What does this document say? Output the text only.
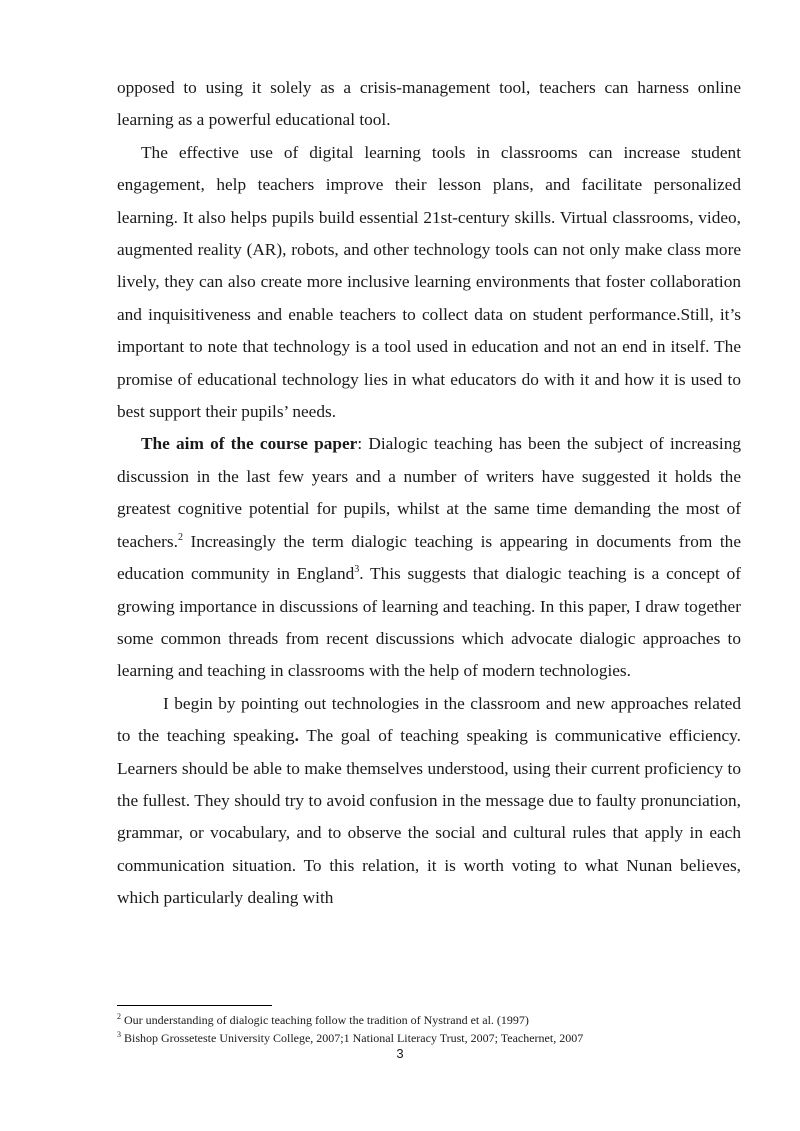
opposed to using it solely as a crisis-management tool, teachers can harness online learning as a powerful educational tool.

The effective use of digital learning tools in classrooms can increase student engagement, help teachers improve their lesson plans, and facilitate personalized learning. It also helps pupils build essential 21st-century skills. Virtual classrooms, video, augmented reality (AR), robots, and other technology tools can not only make class more lively, they can also create more inclusive learning environments that foster collaboration and inquisitiveness and enable teachers to collect data on student performance.Still, it’s important to note that technology is a tool used in education and not an end in itself. The promise of educational technology lies in what educators do with it and how it is used to best support their pupils’ needs.

The aim of the course paper: Dialogic teaching has been the subject of increasing discussion in the last few years and a number of writers have suggested it holds the greatest cognitive potential for pupils, whilst at the same time demanding the most of teachers.$^2$ Increasingly the term dialogic teaching is appearing in documents from the education community in England$^3$. This suggests that dialogic teaching is a concept of growing importance in discussions of learning and teaching. In this paper, I draw together some common threads from recent discussions which advocate dialogic approaches to learning and teaching in classrooms with the help of modern technologies.

I begin by pointing out technologies in the classroom and new approaches related to the teaching speaking. The goal of teaching speaking is communicative efficiency. Learners should be able to make themselves understood, using their current proficiency to the fullest. They should try to avoid confusion in the message due to faulty pronunciation, grammar, or vocabulary, and to observe the social and cultural rules that apply in each communication situation. To this relation, it is worth voting to what Nunan believes, which particularly dealing with

$^2$ Our understanding of dialogic teaching follow the tradition of Nystrand et al. (1997)

$^3$ Bishop Grosseteste University College, 2007;1 National Literacy Trust, 2007; Teachernet, 2007

3
